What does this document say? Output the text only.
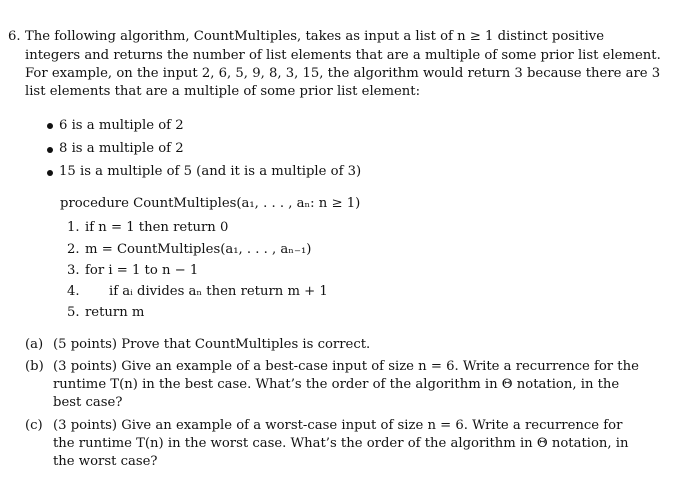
6. The following algorithm, CountMultiples, takes as input a list of n ≥ 1 distinct positive
integers and returns the number of list elements that are a multiple of some prior list element.
For example, on the input 2, 6, 5, 9, 8, 3, 15, the algorithm would return 3 because there are 3
list elements that are a multiple of some prior list element:
6 is a multiple of 2
8 is a multiple of 2
15 is a multiple of 5 (and it is a multiple of 3)
procedure CountMultiples(a₁, . . . , aₙ: n ≥ 1)
1.
2.
3.
4.
5.
if n = 1 then return 0
m = CountMultiples(a₁, . . . , aₙ₋₁)
for i = 1 to n − 1
if aᵢ divides aₙ then return m + 1
return m
(a) (5 points) Prove that CountMultiples is correct.
(b) (3 points) Give an example of a best-case input of size n = 6. Write a recurrence for the
runtime T(n) in the best case. What’s the order of the algorithm in Θ notation, in the
best case?
(c) (3 points) Give an example of a worst-case input of size n = 6. Write a recurrence for
the runtime T(n) in the worst case. What’s the order of the algorithm in Θ notation, in
the worst case?
